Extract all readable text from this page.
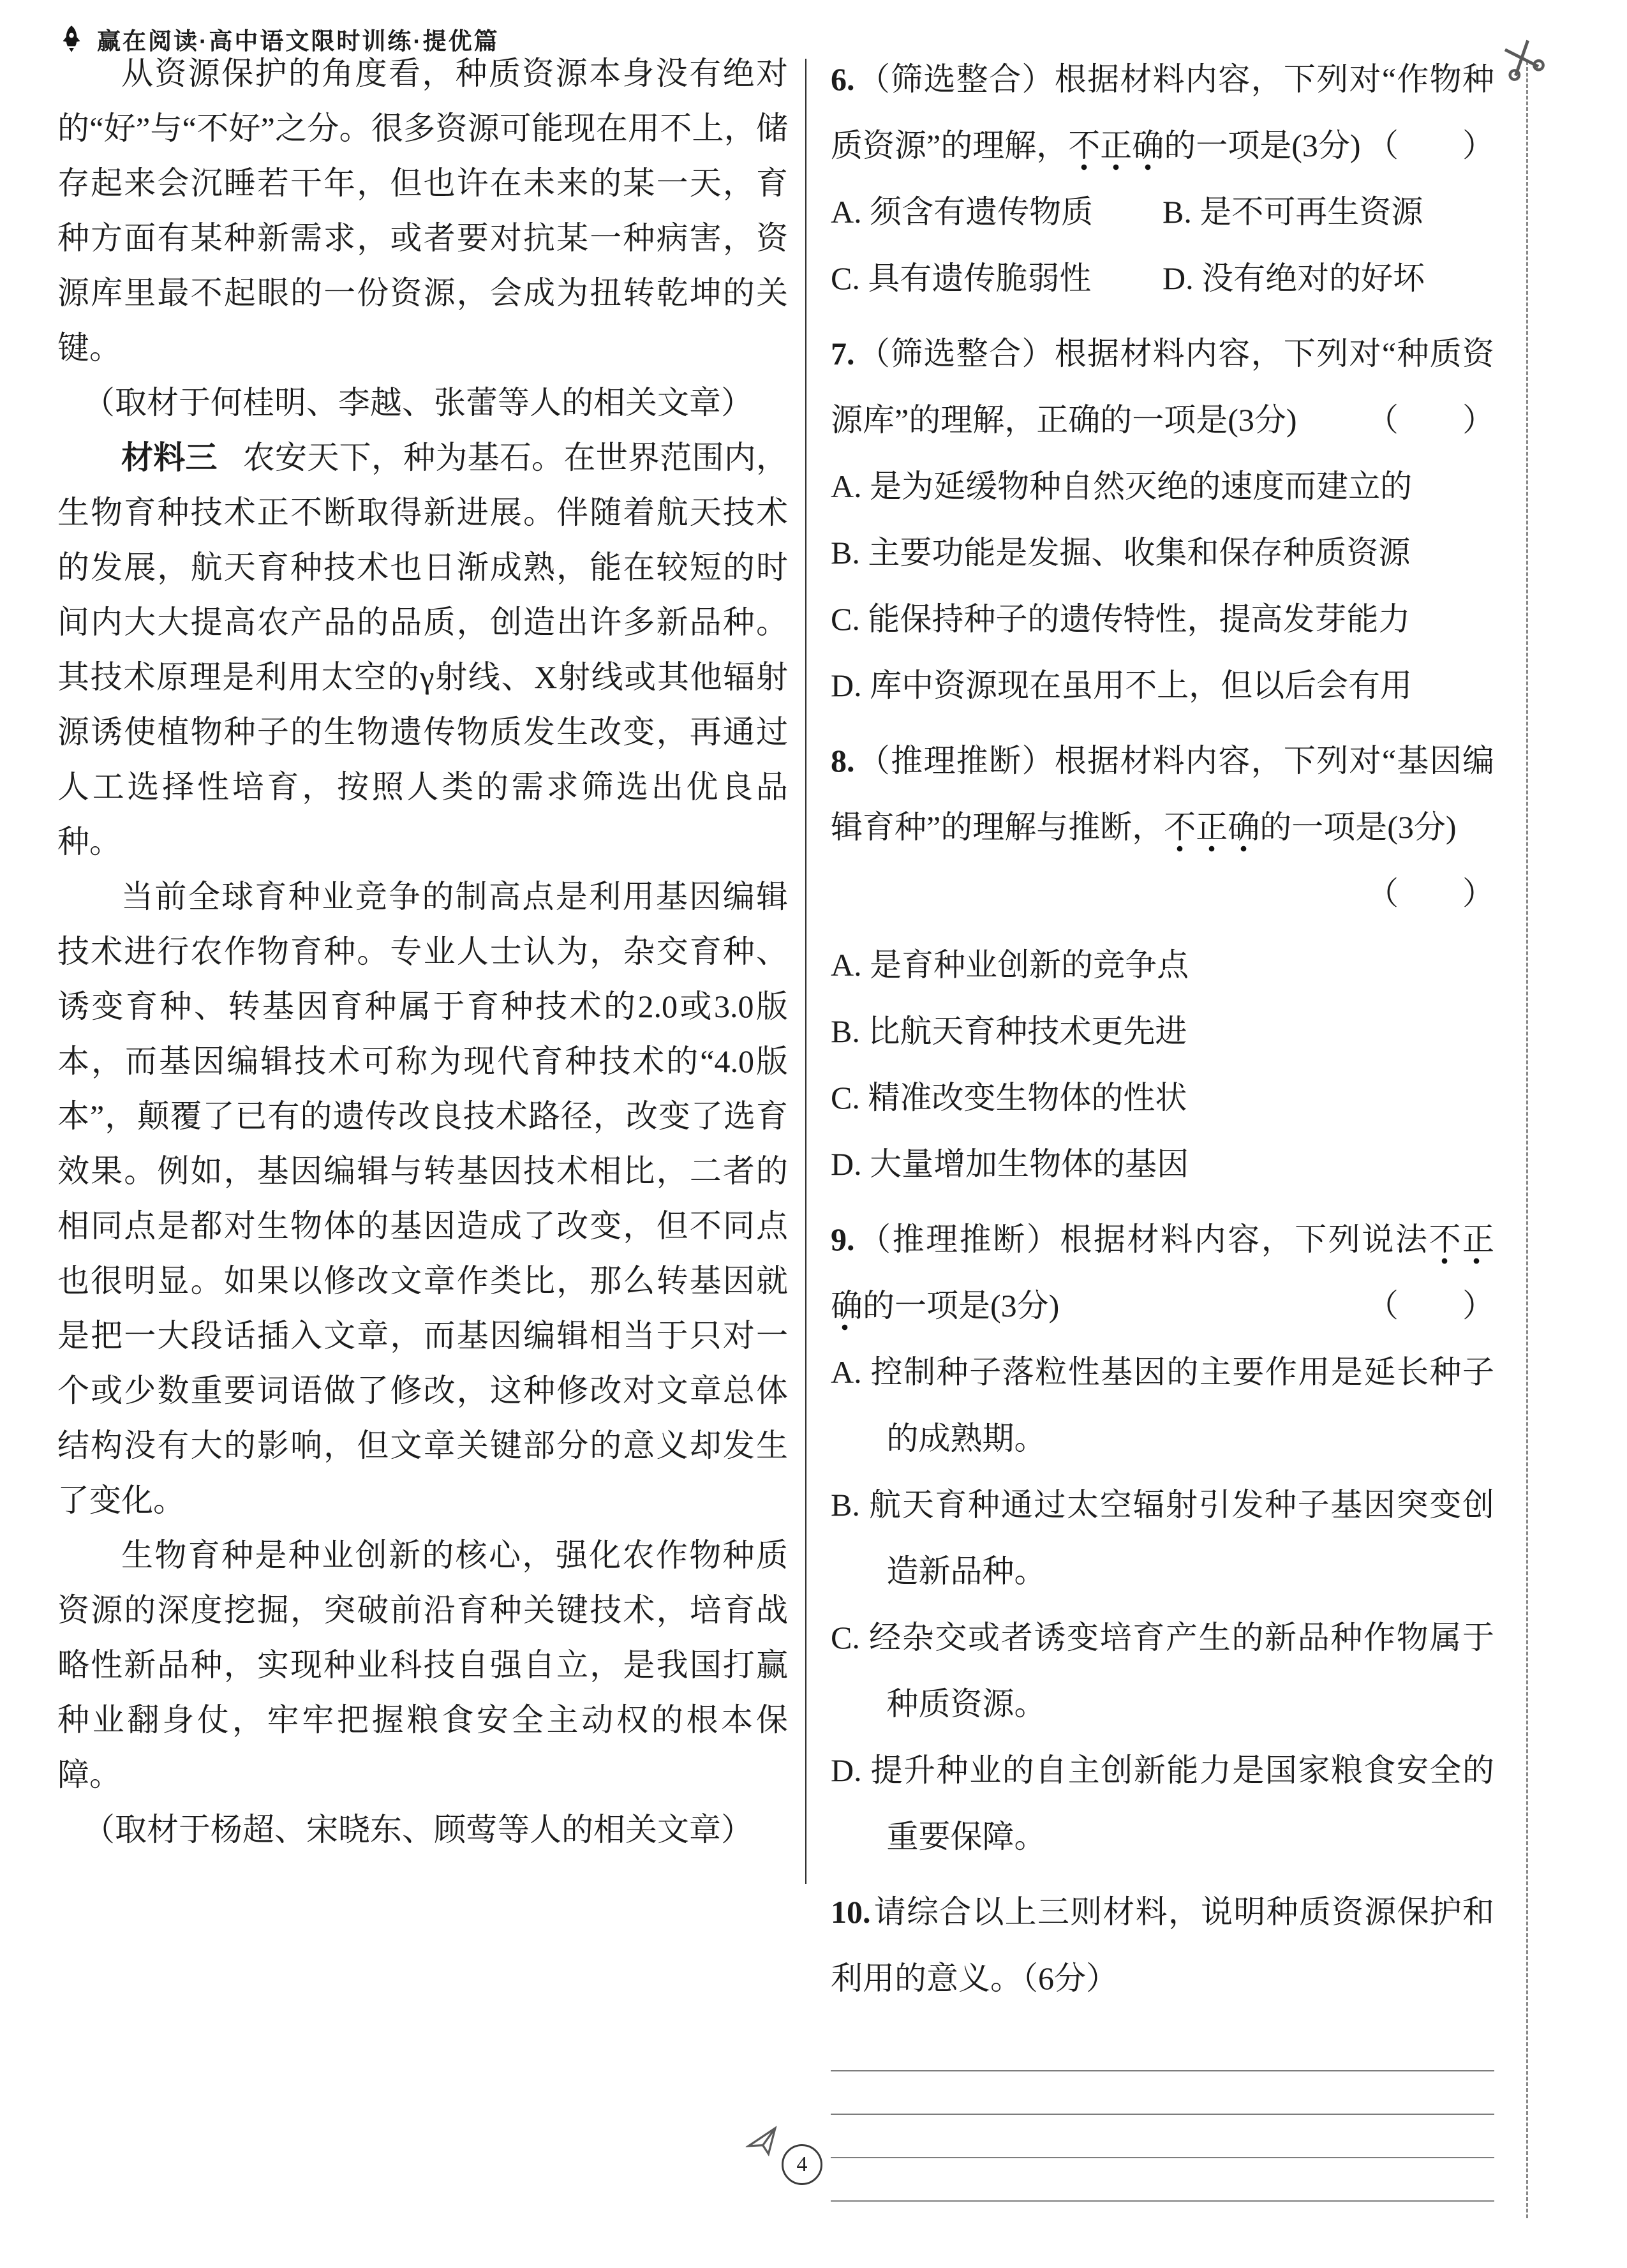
赢在阅读·高中语文限时训练·提优篇

从资源保护的角度看，种质资源本身没有绝对的“好”与“不好”之分。很多资源可能现在用不上，储存起来会沉睡若干年，但也许在未来的某一天，育种方面有某种新需求，或者要对抗某一种病害，资源库里最不起眼的一份资源，会成为扭转乾坤的关键。

（取材于何桂明、李越、张蕾等人的相关文章）

材料三 农安天下，种为基石。在世界范围内，生物育种技术正不断取得新进展。伴随着航天技术的发展，航天育种技术也日渐成熟，能在较短的时间内大大提高农产品的品质，创造出许多新品种。其技术原理是利用太空的γ射线、X射线或其他辐射源诱使植物种子的生物遗传物质发生改变，再通过人工选择性培育，按照人类的需求筛选出优良品种。

当前全球育种业竞争的制高点是利用基因编辑技术进行农作物育种。专业人士认为，杂交育种、诱变育种、转基因育种属于育种技术的2.0或3.0版本，而基因编辑技术可称为现代育种技术的“4.0版本”，颠覆了已有的遗传改良技术路径，改变了选育效果。例如，基因编辑与转基因技术相比，二者的相同点是都对生物体的基因造成了改变，但不同点也很明显。如果以修改文章作类比，那么转基因就是把一大段话插入文章，而基因编辑相当于只对一个或少数重要词语做了修改，这种修改对文章总体结构没有大的影响，但文章关键部分的意义却发生了变化。

生物育种是种业创新的核心，强化农作物种质资源的深度挖掘，突破前沿育种关键技术，培育战略性新品种，实现种业科技自强自立，是我国打赢种业翻身仗，牢牢把握粮食安全主动权的根本保障。

（取材于杨超、宋晓东、顾莺等人的相关文章）

6.（筛选整合）根据材料内容，下列对“作物种质资源”的理解，不正确的一项是(3分) （　　）
A. 须含有遗传物质	B. 是不可再生资源
C. 具有遗传脆弱性	D. 没有绝对的好坏
7.（筛选整合）根据材料内容，下列对“种质资源库”的理解，正确的一项是(3分) （　　）
A. 是为延缓物种自然灭绝的速度而建立的
B. 主要功能是发掘、收集和保存种质资源
C. 能保持种子的遗传特性，提高发芽能力
D. 库中资源现在虽用不上，但以后会有用
8.（推理推断）根据材料内容，下列对“基因编辑育种”的理解与推断，不正确的一项是(3分)
（　　）
A. 是育种业创新的竞争点
B. 比航天育种技术更先进
C. 精准改变生物体的性状
D. 大量增加生物体的基因
9.（推理推断）根据材料内容，下列说法不正确的一项是(3分)	（　　）
A. 控制种子落粒性基因的主要作用是延长种子的成熟期。
B. 航天育种通过太空辐射引发种子基因突变创造新品种。
C. 经杂交或者诱变培育产生的新品种作物属于种质资源。
D. 提升种业的自主创新能力是国家粮食安全的重要保障。
10.请综合以上三则材料，说明种质资源保护和利用的意义。（6分）
4
